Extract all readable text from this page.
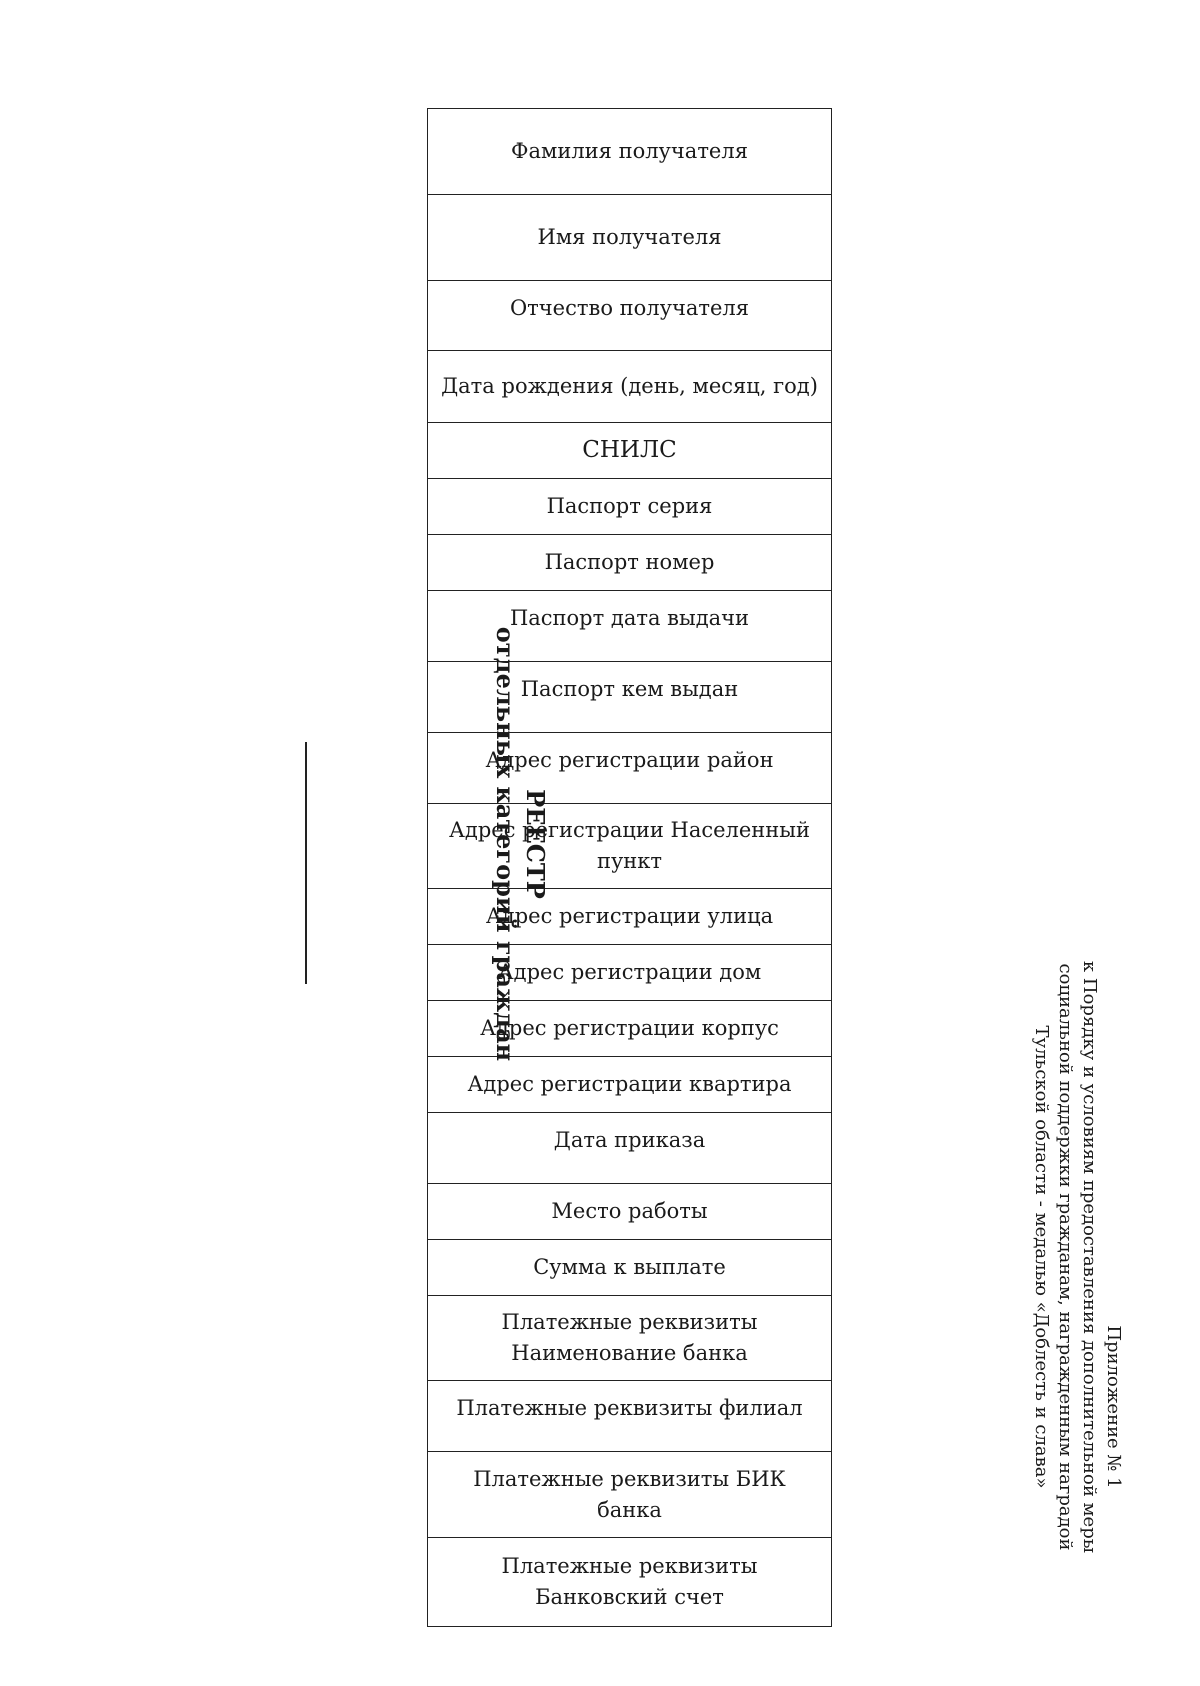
Фамилия получателя
Имя получателя
Отчество получателя
Дата рождения (день, месяц, год)
СНИЛС
Паспорт серия
Паспорт номер
Паспорт дата выдачи
Паспорт кем выдан
Адрес регистрации район
Адрес регистрации Населенный пункт
Адрес регистрации улица
Адрес регистрации дом
Адрес регистрации корпус
Адрес регистрации квартира
Дата приказа
Место работы
Сумма к выплате
Платежные реквизиты Наименование банка
Платежные реквизиты филиал
Платежные реквизиты БИК банка
Платежные реквизиты Банковский счет
РЕЕСТР
отдельных категорий граждан
Приложение № 1
к Порядку и условиям предоставления дополнительной меры
социальной поддержки гражданам, награжденным наградой
Тульской области - медалью «Доблесть и слава»
